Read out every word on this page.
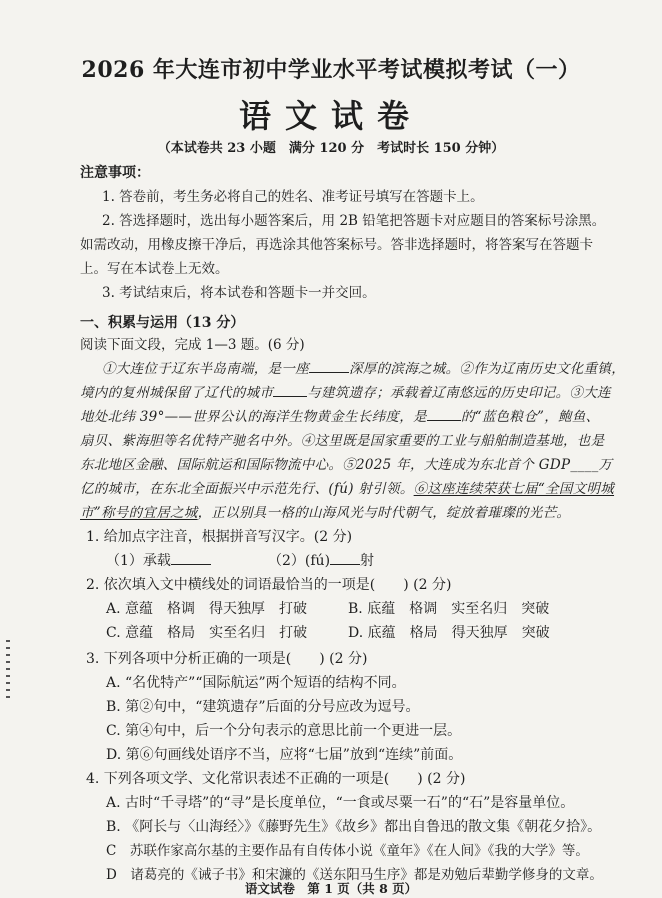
2026 年大连市初中学业水平考试模拟考试（一）
语文试卷
（本试卷共 23 小题　满分 120 分　考试时长 150 分钟）
注意事项：
1. 答卷前，考生务必将自己的姓名、准考证号填写在答题卡上。
2. 答选择题时，选出每小题答案后，用 2B 铅笔把答题卡对应题目的答案标号涂黑。
如需改动，用橡皮擦干净后，再选涂其他答案标号。答非选择题时，将答案写在答题卡
上。写在本试卷上无效。
3. 考试结束后，将本试卷和答题卡一并交回。
一、积累与运用（13 分）
阅读下面文段，完成 1—3 题。(6 分)
①大连位于辽东半岛南端，是一座	深厚的滨海之城。②作为辽南历史文化重镇，
境内的复州城保留了辽代的城市	与建筑遗存；承载着辽南悠远的历史印记。③大连
地处北纬 39°——世界公认的海洋生物黄金生长纬度，是	的“蓝色粮仓”，鲍鱼、
扇贝、紫海胆等名优特产驰名中外。④这里既是国家重要的工业与船舶制造基地，也是
东北地区金融、国际航运和国际物流中心。⑤2025 年，大连成为东北首个 GDP____万
亿的城市，在东北全面振兴中示范先行、(fú) 射引领。⑥这座连续荣获七届“全国文明城
市”称号的宜居之城，正以别具一格的山海风光与时代朝气，绽放着璀璨的光芒。
1. 给加点字注音，根据拼音写汉字。(2 分)
（1）承载	（2）(fú) 射
2. 依次填入文中横线处的词语最恰当的一项是(　　) (2 分)
A. 意蕴　格调　得天独厚　打破	B. 底蕴　格调　实至名归　突破
C. 意蕴　格局　实至名归　打破	D. 底蕴　格局　得天独厚　突破
3. 下列各项中分析正确的一项是(　　) (2 分)
A. “名优特产”“国际航运”两个短语的结构不同。
B. 第②句中，“建筑遗存”后面的分号应改为逗号。
C. 第④句中，后一个分句表示的意思比前一个更进一层。
D. 第⑥句画线处语序不当，应将“七届”放到“连续”前面。
4. 下列各项文学、文化常识表述不正确的一项是(　　) (2 分)
A. 古时“千寻塔”的“寻”是长度单位，“一食或尽粟一石”的“石”是容量单位。
B. 《阿长与〈山海经〉》《藤野先生》《故乡》都出自鲁迅的散文集《朝花夕拾》。
C　苏联作家高尔基的主要作品有自传体小说《童年》《在人间》《我的大学》等。
D　诸葛亮的《诫子书》和宋濂的《送东阳马生序》都是劝勉后辈勤学修身的文章。
语文试卷　第 1 页（共 8 页）
